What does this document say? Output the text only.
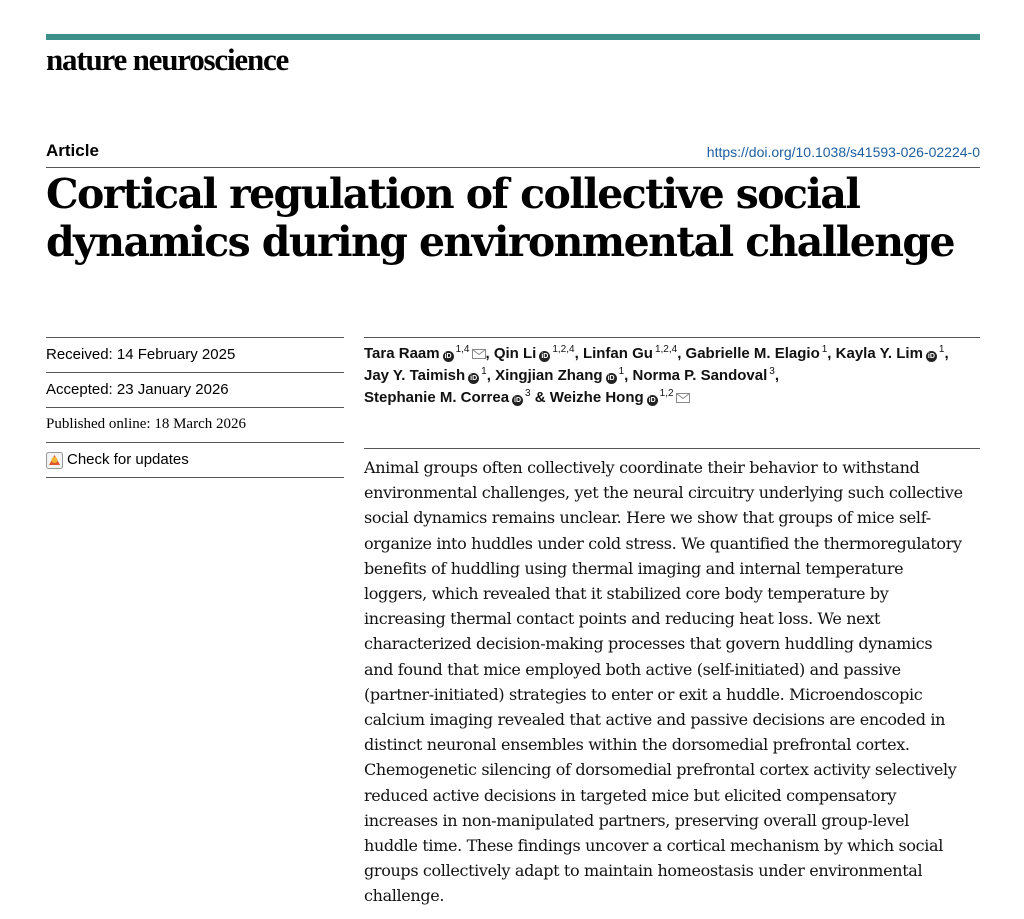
nature neuroscience
Article	https://doi.org/10.1038/s41593-026-02224-0
Cortical regulation of collective social dynamics during environmental challenge
Received: 14 February 2025
Accepted: 23 January 2026
Published online: 18 March 2026
Check for updates
Tara Raam iD$^{1,4}$ , Qin Li iD$^{1,2,4}$, Linfan Gu $^{1,2,4}$, Gabrielle M. Elagio $^1$, Kayla Y. Lim iD$^1$,
Jay Y. Taimish iD$^1$, Xingjian Zhang iD$^1$, Norma P. Sandoval $^3$,
Stephanie M. Correa iD$^3$ & Weizhe Hong iD$^{1,2}$

Animal groups often collectively coordinate their behavior to withstand environmental challenges, yet the neural circuitry underlying such collective social dynamics remains unclear. Here we show that groups of mice self-organize into huddles under cold stress. We quantified the thermoregulatory benefits of huddling using thermal imaging and internal temperature loggers, which revealed that it stabilized core body temperature by increasing thermal contact points and reducing heat loss. We next characterized decision-making processes that govern huddling dynamics and found that mice employed both active (self-initiated) and passive (partner-initiated) strategies to enter or exit a huddle. Microendoscopic calcium imaging revealed that active and passive decisions are encoded in distinct neuronal ensembles within the dorsomedial prefrontal cortex. Chemogenetic silencing of dorsomedial prefrontal cortex activity selectively reduced active decisions in targeted mice but elicited compensatory increases in non-manipulated partners, preserving overall group-level huddle time. These findings uncover a cortical mechanism by which social groups collectively adapt to maintain homeostasis under environmental challenge.
